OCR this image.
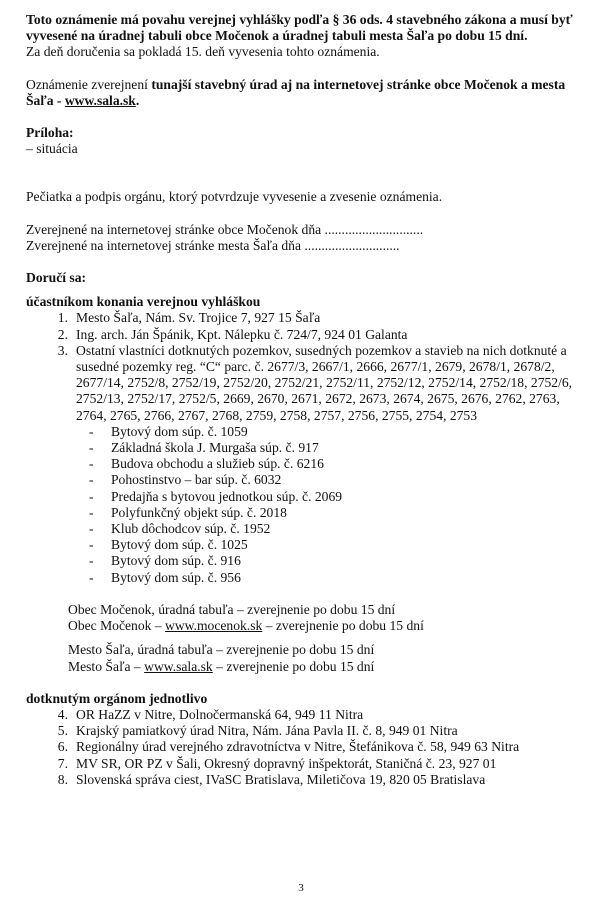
Toto oznámenie má povahu verejnej vyhlášky podľa § 36 ods. 4 stavebného zákona a musí byť vyvesené na úradnej tabuli obce Močenok a úradnej tabuli mesta Šaľa po dobu 15 dní.

Za deň doručenia sa pokladá 15. deň vyvesenia tohto oznámenia.

Oznámenie zverejnení tunajší stavebný úrad aj na internetovej stránke obce Močenok a mesta Šaľa - www.sala.sk.

Príloha:

– situácia

Pečiatka a podpis orgánu, ktorý potvrdzuje vyvesenie a zvesenie oznámenia.

Zverejnené na internetovej stránke obce Močenok dňa .............................

Zverejnené na internetovej stránke mesta Šaľa dňa ............................

Doručí sa:

účastníkom konania verejnou vyhláškou

1. Mesto Šaľa, Nám. Sv. Trojice 7, 927 15 Šaľa
2. Ing. arch. Ján Špánik, Kpt. Nálepku č. 724/7, 924 01 Galanta
3. Ostatní vlastníci dotknutých pozemkov, susedných pozemkov a stavieb na nich dotknuté a susedné pozemky reg. “C“ parc. č. 2677/3, 2667/1, 2666, 2677/1, 2679, 2678/1, 2678/2, 2677/14, 2752/8, 2752/19, 2752/20, 2752/21, 2752/11, 2752/12, 2752/14, 2752/18, 2752/6, 2752/13, 2752/17, 2752/5, 2669, 2670, 2671, 2672, 2673, 2674, 2675, 2676, 2762, 2763, 2764, 2765, 2766, 2767, 2768, 2759, 2758, 2757, 2756, 2755, 2754, 2753
-	Bytový dom súp. č. 1059
-	Základná škola J. Murgaša súp. č. 917
-	Budova obchodu a služieb súp. č. 6216
-	Pohostinstvo – bar súp. č. 6032
-	Predajňa s bytovou jednotkou súp. č. 2069
-	Polyfunkčný objekt súp. č. 2018
-	Klub dôchodcov súp. č. 1952
-	Bytový dom súp. č. 1025
-	Bytový dom súp. č. 916
-	Bytový dom súp. č. 956

Obec Močenok, úradná tabuľa – zverejnenie po dobu 15 dní

Obec Močenok – www.mocenok.sk – zverejnenie po dobu 15 dní

Mesto Šaľa, úradná tabuľa – zverejnenie po dobu 15 dní

Mesto Šaľa – www.sala.sk – zverejnenie po dobu 15 dní

dotknutým orgánom jednotlivo

4. OR HaZZ v Nitre, Dolnočermanská 64, 949 11 Nitra
5. Krajský pamiatkový úrad Nitra, Nám. Jána Pavla II. č. 8, 949 01 Nitra
6. Regionálny úrad verejného zdravotníctva v Nitre, Štefánikova č. 58, 949 63 Nitra
7. MV SR, OR PZ v Šali, Okresný dopravný inšpektorát, Staničná č. 23, 927 01
8. Slovenská správa ciest, IVaSC Bratislava, Miletičova 19, 820 05 Bratislava
3
